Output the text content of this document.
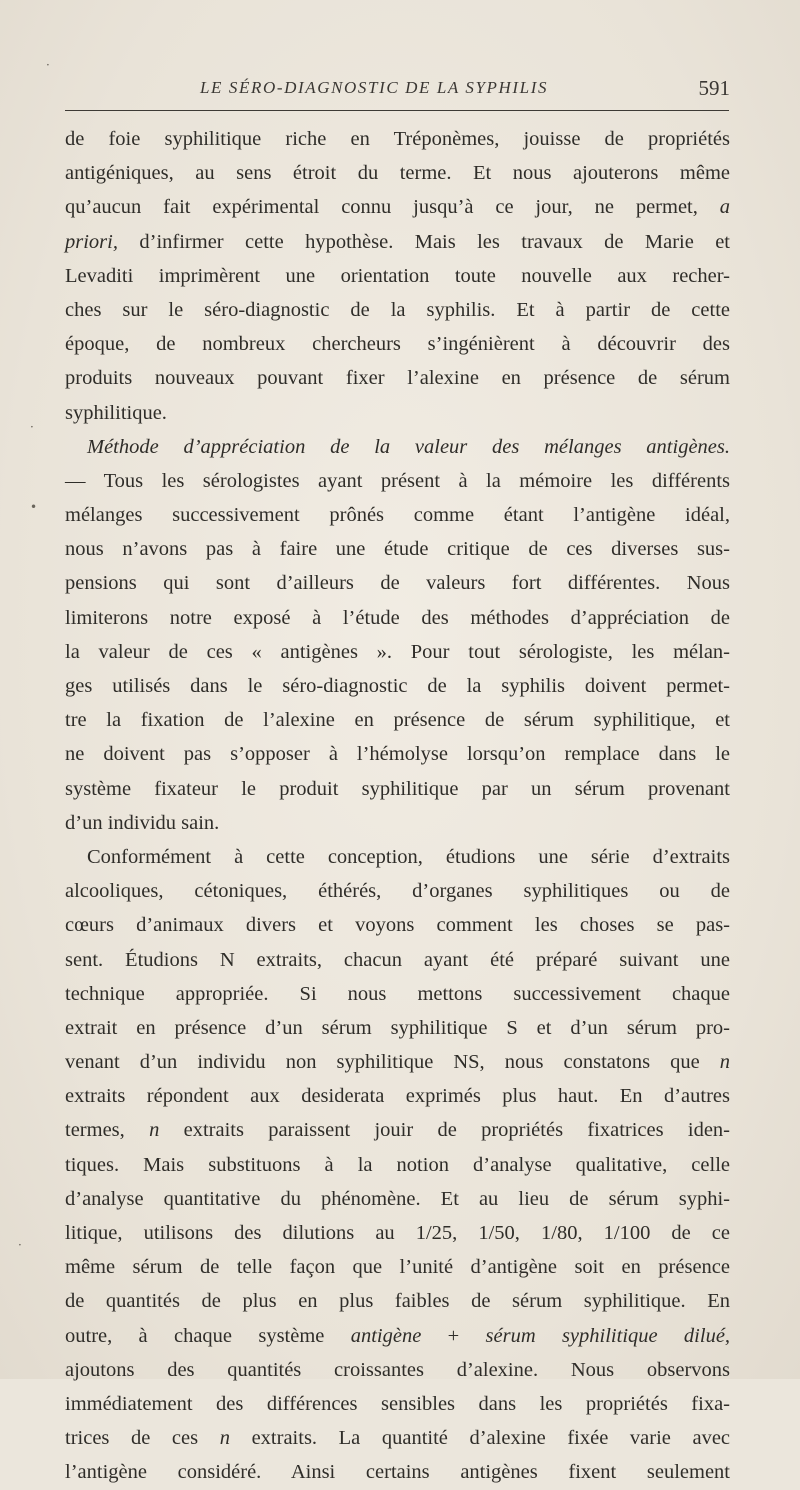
LE SÉRO-DIAGNOSTIC DE LA SYPHILIS	591
de foie syphilitique riche en Tréponèmes, jouisse de propriétés
antigéniques, au sens étroit du terme. Et nous ajouterons même
qu’aucun fait expérimental connu jusqu’à ce jour, ne permet, a
priori, d’infirmer cette hypothèse. Mais les travaux de Marie et
Levaditi imprimèrent une orientation toute nouvelle aux recher-
ches sur le séro-diagnostic de la syphilis. Et à partir de cette
époque, de nombreux chercheurs s’ingénièrent à découvrir des
produits nouveaux pouvant fixer l’alexine en présence de sérum
syphilitique.
Méthode d’appréciation de la valeur des mélanges antigènes.
— Tous les sérologistes ayant présent à la mémoire les différents
mélanges successivement prônés comme étant l’antigène idéal,
nous n’avons pas à faire une étude critique de ces diverses sus-
pensions qui sont d’ailleurs de valeurs fort différentes. Nous
limiterons notre exposé à l’étude des méthodes d’appréciation de
la valeur de ces « antigènes ». Pour tout sérologiste, les mélan-
ges utilisés dans le séro-diagnostic de la syphilis doivent permet-
tre la fixation de l’alexine en présence de sérum syphilitique, et
ne doivent pas s’opposer à l’hémolyse lorsqu’on remplace dans le
système fixateur le produit syphilitique par un sérum provenant
d’un individu sain.
Conformément à cette conception, étudions une série d’extraits
alcooliques, cétoniques, éthérés, d’organes syphilitiques ou de
cœurs d’animaux divers et voyons comment les choses se pas-
sent. Étudions N extraits, chacun ayant été préparé suivant une
technique appropriée. Si nous mettons successivement chaque
extrait en présence d’un sérum syphilitique S et d’un sérum pro-
venant d’un individu non syphilitique NS, nous constatons que n
extraits répondent aux desiderata exprimés plus haut. En d’autres
termes, n extraits paraissent jouir de propriétés fixatrices iden-
tiques. Mais substituons à la notion d’analyse qualitative, celle
d’analyse quantitative du phénomène. Et au lieu de sérum syphi-
litique, utilisons des dilutions au 1/25, 1/50, 1/80, 1/100 de ce
même sérum de telle façon que l’unité d’antigène soit en présence
de quantités de plus en plus faibles de sérum syphilitique. En
outre, à chaque système antigène + sérum syphilitique dilué,
ajoutons des quantités croissantes d’alexine. Nous observons
immédiatement des différences sensibles dans les propriétés fixa-
trices de ces n extraits. La quantité d’alexine fixée varie avec
l’antigène considéré. Ainsi certains antigènes fixent seulement
·
·
•
·
